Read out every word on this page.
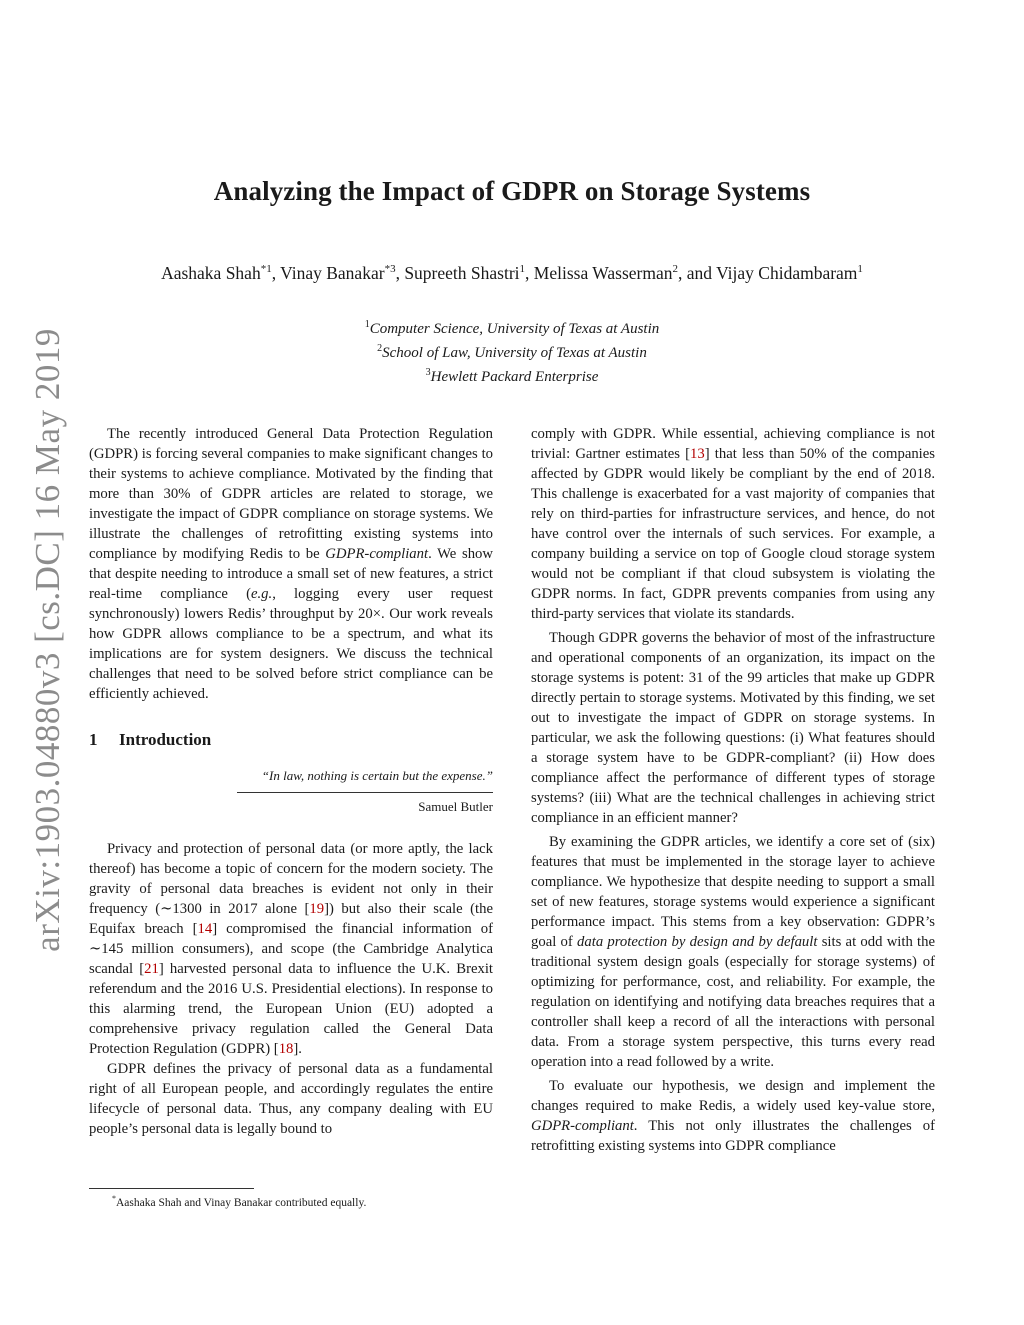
arXiv:1903.04880v3 [cs.DC] 16 May 2019
Analyzing the Impact of GDPR on Storage Systems
Aashaka Shah$^{*1}$, Vinay Banakar$^{*3}$, Supreeth Shastri$^1$, Melissa Wasserman$^2$, and Vijay Chidambaram$^1$
$^1$Computer Science, University of Texas at Austin
$^2$School of Law, University of Texas at Austin
$^3$Hewlett Packard Enterprise

The recently introduced General Data Protection Regulation (GDPR) is forcing several companies to make significant changes to their systems to achieve compliance. Motivated by the finding that more than 30% of GDPR articles are related to storage, we investigate the impact of GDPR compliance on storage systems. We illustrate the challenges of retrofitting existing systems into compliance by modifying Redis to be GDPR-compliant. We show that despite needing to introduce a small set of new features, a strict real-time compliance (e.g., logging every user request synchronously) lowers Redis’ throughput by 20×. Our work reveals how GDPR allows compliance to be a spectrum, and what its implications are for system designers. We discuss the technical challenges that need to be solved before strict compliance can be efficiently achieved.

1 Introduction
“In law, nothing is certain but the expense.”
Samuel Butler

Privacy and protection of personal data (or more aptly, the lack thereof) has become a topic of concern for the modern society. The gravity of personal data breaches is evident not only in their frequency (∼1300 in 2017 alone [19]) but also their scale (the Equifax breach [14] compromised the financial information of ∼145 million consumers), and scope (the Cambridge Analytica scandal [21] harvested personal data to influence the U.K. Brexit referendum and the 2016 U.S. Presidential elections). In response to this alarming trend, the European Union (EU) adopted a comprehensive privacy regulation called the General Data Protection Regulation (GDPR) [18].

GDPR defines the privacy of personal data as a fundamental right of all European people, and accordingly regulates the entire lifecycle of personal data. Thus, any company dealing with EU people’s personal data is legally bound to

comply with GDPR. While essential, achieving compliance is not trivial: Gartner estimates [13] that less than 50% of the companies affected by GDPR would likely be compliant by the end of 2018. This challenge is exacerbated for a vast majority of companies that rely on third-parties for infrastructure services, and hence, do not have control over the internals of such services. For example, a company building a service on top of Google cloud storage system would not be compliant if that cloud subsystem is violating the GDPR norms. In fact, GDPR prevents companies from using any third-party services that violate its standards.

Though GDPR governs the behavior of most of the infrastructure and operational components of an organization, its impact on the storage systems is potent: 31 of the 99 articles that make up GDPR directly pertain to storage systems. Motivated by this finding, we set out to investigate the impact of GDPR on storage systems. In particular, we ask the following questions: (i) What features should a storage system have to be GDPR-compliant? (ii) How does compliance affect the performance of different types of storage systems? (iii) What are the technical challenges in achieving strict compliance in an efficient manner?

By examining the GDPR articles, we identify a core set of (six) features that must be implemented in the storage layer to achieve compliance. We hypothesize that despite needing to support a small set of new features, storage systems would experience a significant performance impact. This stems from a key observation: GDPR’s goal of data protection by design and by default sits at odd with the traditional system design goals (especially for storage systems) of optimizing for performance, cost, and reliability. For example, the regulation on identifying and notifying data breaches requires that a controller shall keep a record of all the interactions with personal data. From a storage system perspective, this turns every read operation into a read followed by a write.

To evaluate our hypothesis, we design and implement the changes required to make Redis, a widely used key-value store, GDPR-compliant. This not only illustrates the challenges of retrofitting existing systems into GDPR compliance

*Aashaka Shah and Vinay Banakar contributed equally.
